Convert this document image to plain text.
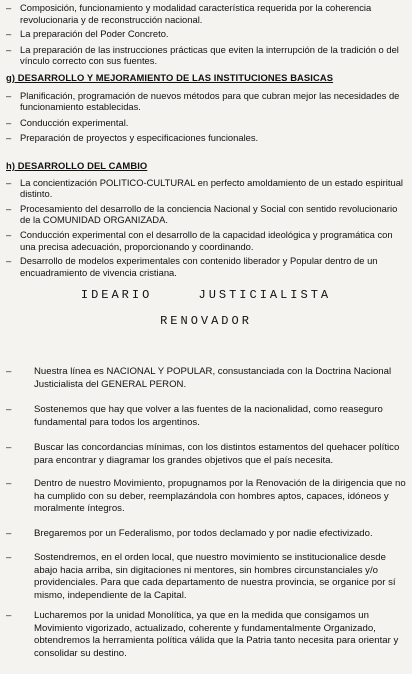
– Composición, funcionamiento y modalidad característica requerida por la coherencia revolucionaria y de reconstrucción nacional.
– La preparación del Poder Concreto.
– La preparación de las instrucciones prácticas que eviten la interrupción de la tradición o del vínculo correcto con sus fuentes.
g) DESARROLLO Y MEJORAMIENTO DE LAS INSTITUCIONES BASICAS
– Planificación, programación de nuevos métodos para que cubran mejor las necesidades de funcionamiento establecidas.
– Conducción experimental.
– Preparación de proyectos y especificaciones funcionales.
h) DESARROLLO DEL CAMBIO
– La concientización POLITICO-CULTURAL en perfecto amoldamiento de un estado espiritual distinto.
– Procesamiento del desarrollo de la conciencia Nacional y Social con sentido revolucionario de la COMUNIDAD ORGANIZADA.
– Conducción experimental con el desarrollo de la capacidad ideológica y programática con una precisa adecuación, proporcionando y coordinando.
– Desarrollo de modelos experimentales con contenido liberador y Popular dentro de un encuadramiento de vivencia cristiana.
IDEARIO	JUSTICIALISTA
RENOVADOR
– Nuestra línea es NACIONAL Y POPULAR, consustanciada con la Doctrina Nacional Justicialista del GENERAL PERON.
– Sostenemos que hay que volver a las fuentes de la nacionalidad, como reaseguro fundamental para todos los argentinos.
– Buscar las concordancias mínimas, con los distintos estamentos del quehacer político para encontrar y diagramar los grandes objetivos que el país necesita.
– Dentro de nuestro Movimiento, propugnamos por la Renovación de la dirigencia que no ha cumplido con su deber, reemplazándola con hombres aptos, capaces, idóneos y moralmente íntegros.
– Bregaremos por un Federalismo, por todos declamado y por nadie efectivizado.
– Sostendremos, en el orden local, que nuestro movimiento se institucionalice desde abajo hacia arriba, sin digitaciones ni mentores, sin hombres circunstanciales y/o providenciales. Para que cada departamento de nuestra provincia, se organice por sí mismo, independiente de la Capital.
– Lucharemos por la unidad Monolítica, ya que en la medida que consigamos un Movimiento vigorizado, actualizado, coherente y fundamentalmente Organizado, obtendremos la herramienta política válida que la Patria tanto necesita para orientar y consolidar su destino.
